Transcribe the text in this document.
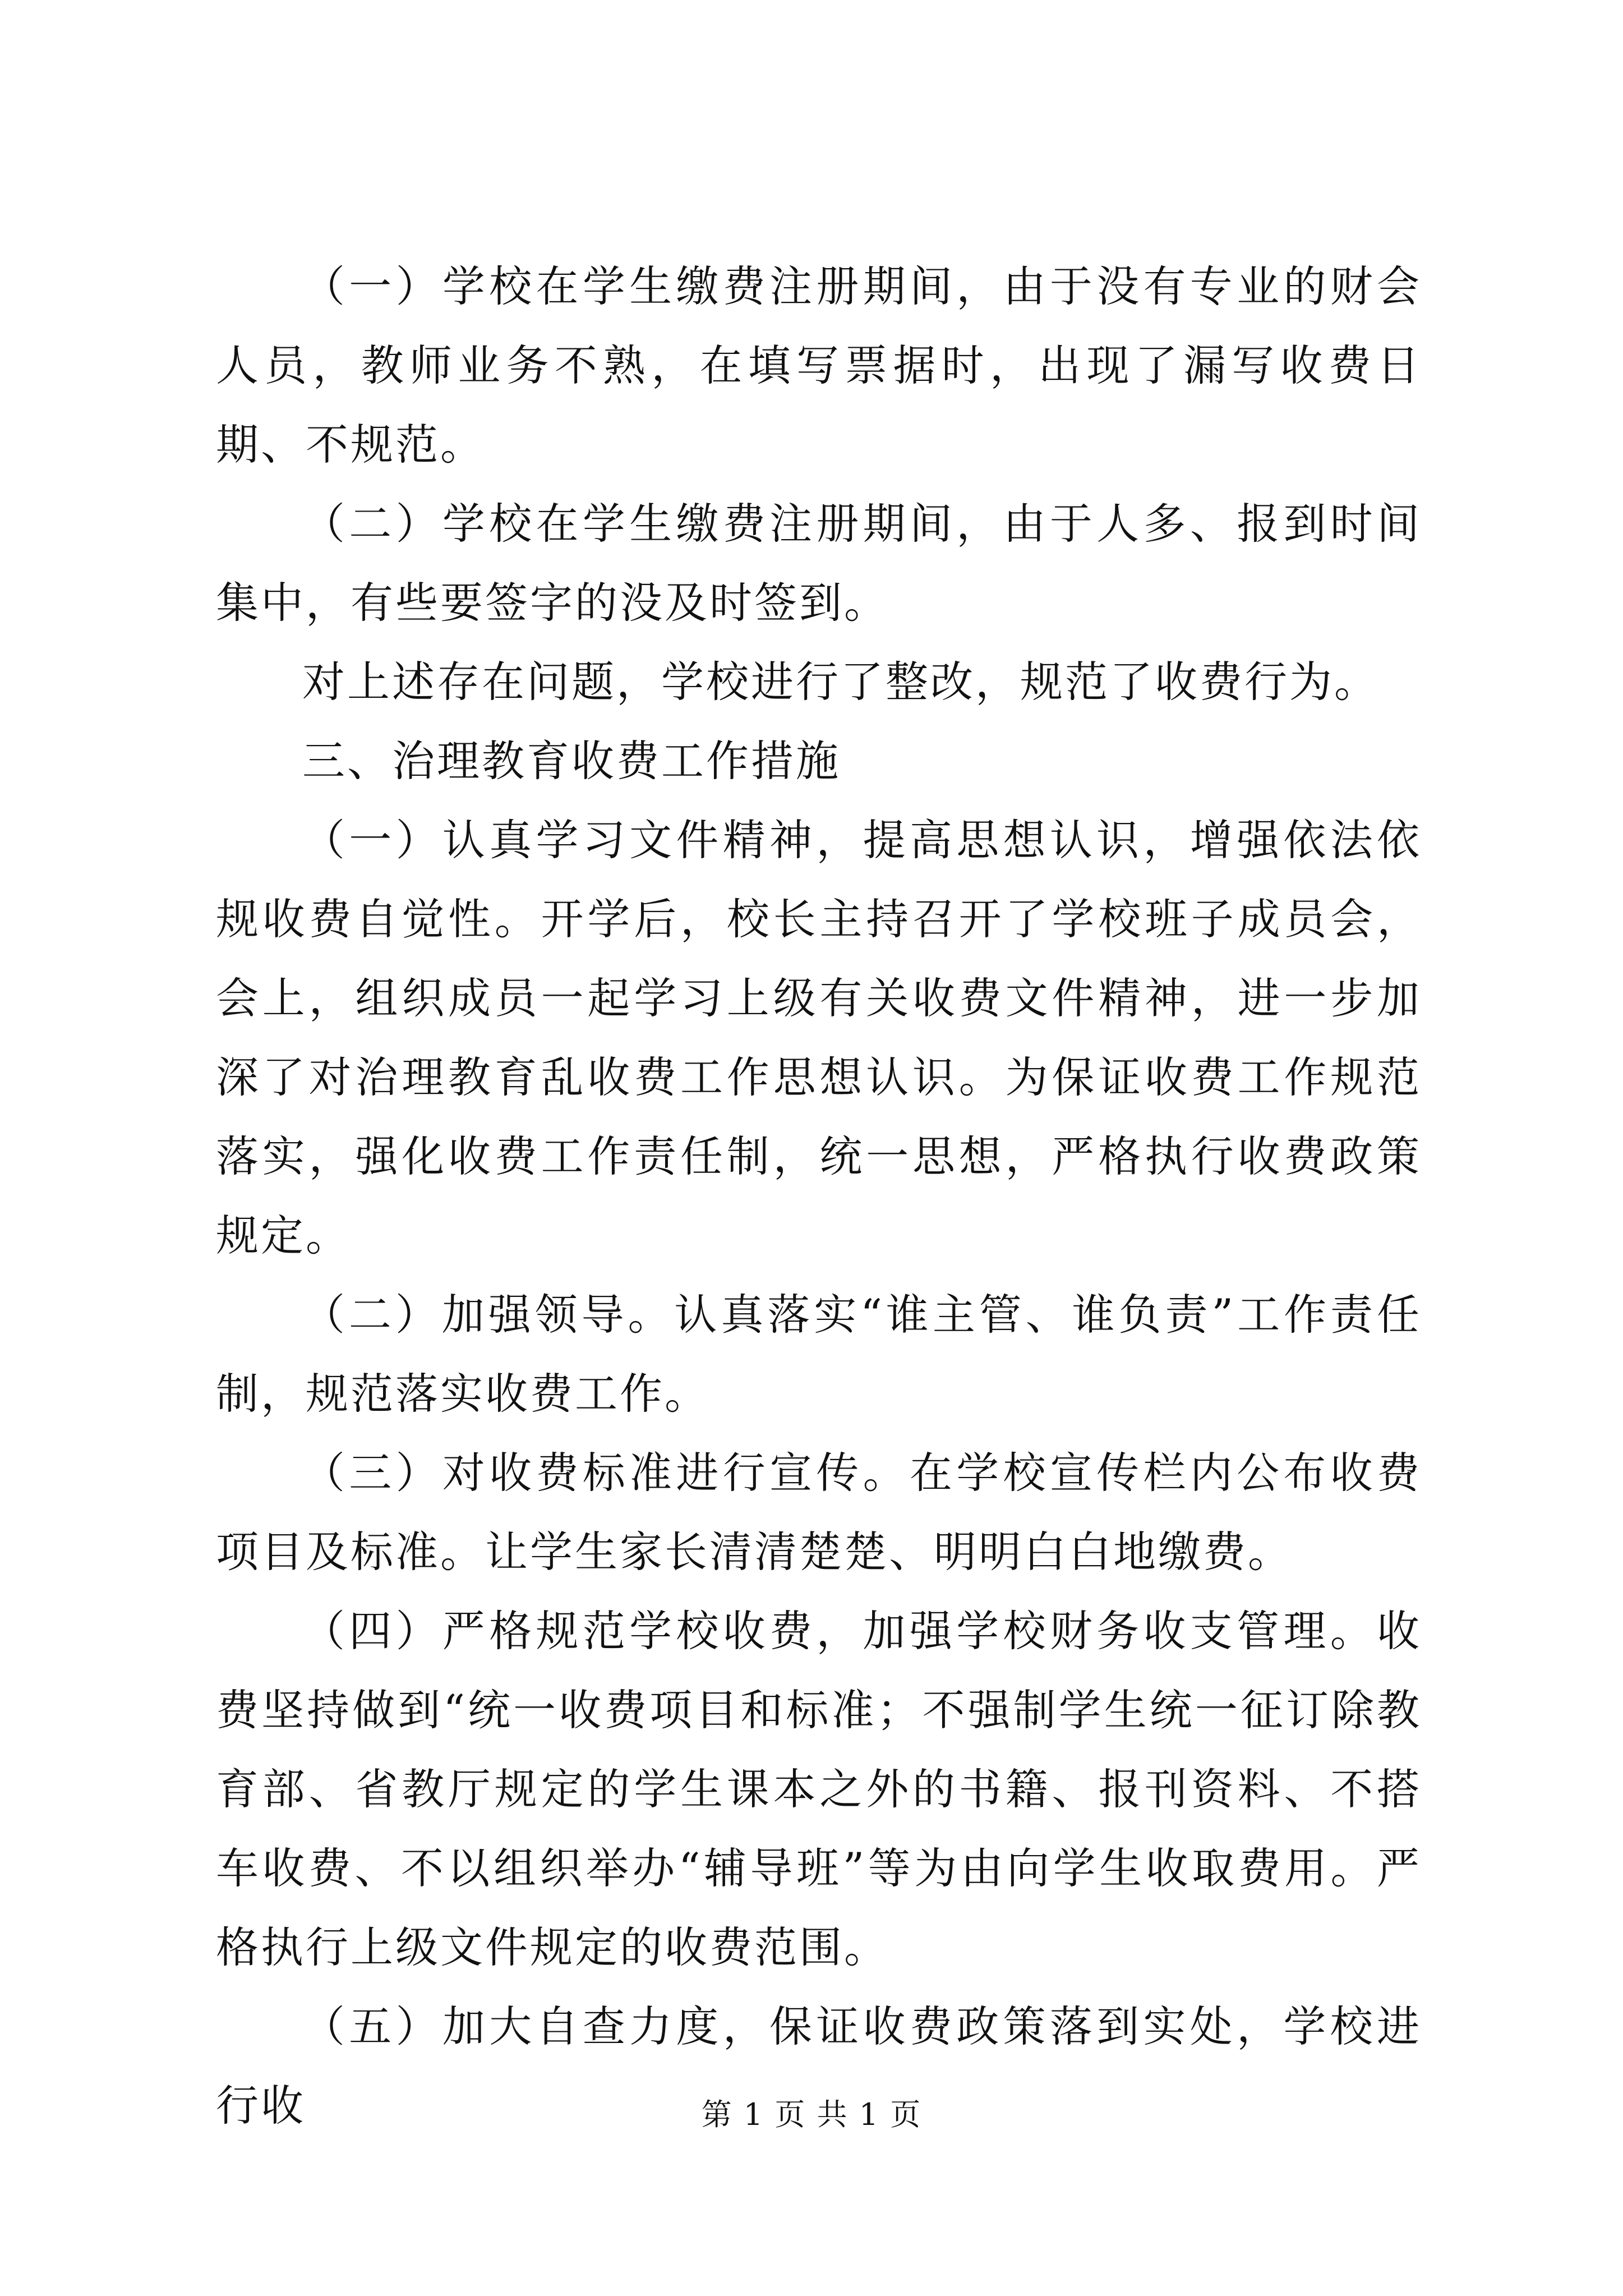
（一）学校在学生缴费注册期间，由于没有专业的财会人员，教师业务不熟，在填写票据时，出现了漏写收费日期、不规范。

（二）学校在学生缴费注册期间，由于人多、报到时间集中，有些要签字的没及时签到。

对上述存在问题，学校进行了整改，规范了收费行为。

三、治理教育收费工作措施

（一）认真学习文件精神，提高思想认识，增强依法依规收费自觉性。开学后，校长主持召开了学校班子成员会，会上，组织成员一起学习上级有关收费文件精神，进一步加深了对治理教育乱收费工作思想认识。为保证收费工作规范落实，强化收费工作责任制，统一思想，严格执行收费政策规定。

（二）加强领导。认真落实“谁主管、谁负责”工作责任制，规范落实收费工作。

（三）对收费标准进行宣传。在学校宣传栏内公布收费项目及标准。让学生家长清清楚楚、明明白白地缴费。

（四）严格规范学校收费，加强学校财务收支管理。收费坚持做到“统一收费项目和标准；不强制学生统一征订除教育部、省教厅规定的学生课本之外的书籍、报刊资料、不搭车收费、不以组织举办“辅导班”等为由向学生收取费用。严格执行上级文件规定的收费范围。

（五）加大自查力度，保证收费政策落到实处，学校进行收	第 1 页 共 1 页
